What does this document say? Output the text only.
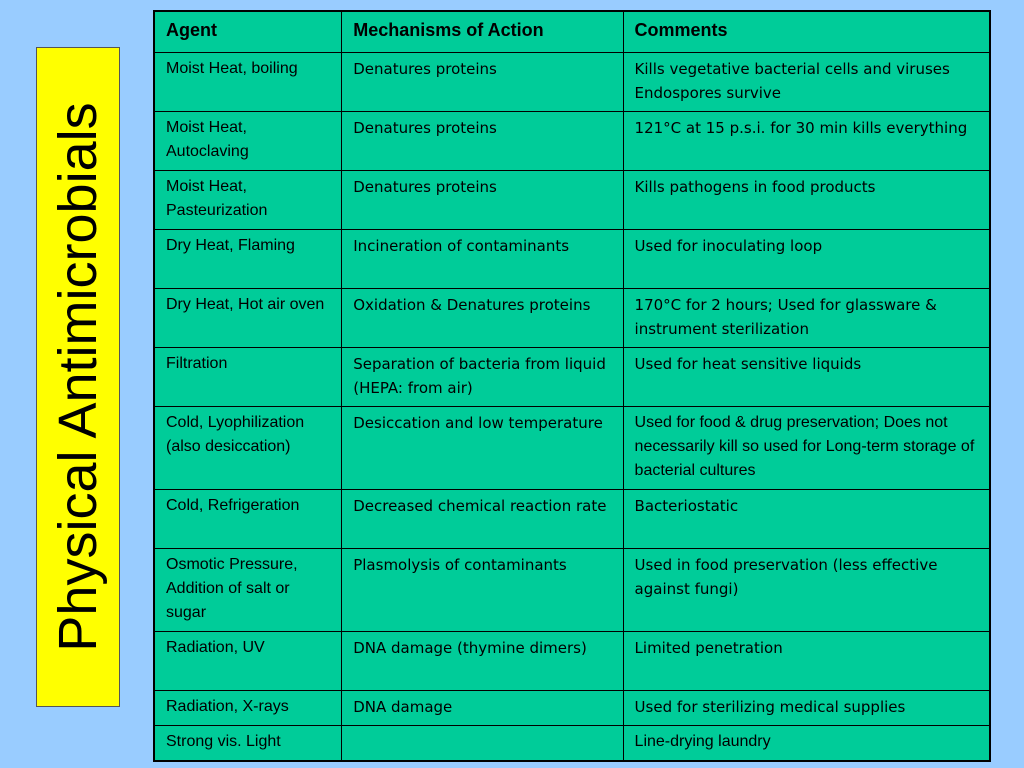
Physical Antimicrobials
Agent	Mechanisms of Action	Comments
Moist Heat, boiling	Denatures proteins	Kills vegetative bacterial cells and viruses Endospores survive
Moist Heat, Autoclaving	Denatures proteins	121°C at 15 p.s.i. for 30 min kills everything
Moist Heat, Pasteurization	Denatures proteins	Kills pathogens in food products
Dry Heat, Flaming	Incineration of contaminants	Used for inoculating loop
Dry Heat, Hot air oven	Oxidation & Denatures proteins	170°C for 2 hours; Used for glassware & instrument sterilization
Filtration	Separation of bacteria from liquid (HEPA: from air)	Used for heat sensitive liquids
Cold, Lyophilization (also desiccation)	Desiccation and low temperature	Used for food & drug preservation; Does not necessarily kill so used for Long-term storage of bacterial cultures
Cold, Refrigeration	Decreased chemical reaction rate	Bacteriostatic
Osmotic Pressure, Addition of salt or sugar	Plasmolysis of contaminants	Used in food preservation (less effective against fungi)
Radiation, UV	DNA damage (thymine dimers)	Limited penetration
Radiation, X-rays	DNA damage	Used for sterilizing medical supplies
Strong vis. Light		Line-drying laundry
